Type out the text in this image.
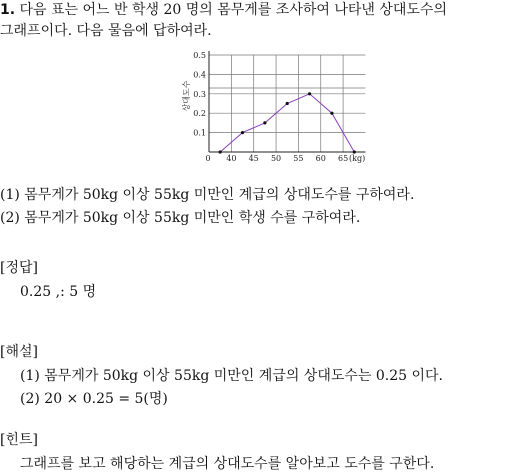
1. 다음 표는 어느 반 학생 20 명의 몸무게를 조사하여 나타낸 상대도수의
그래프이다. 다음 물음에 답하여라.
0.1
0.2
0.3
0.4
0.5
0 40 45 50 55 60 65 (kg)
상대도수
(1) 몸무게가 50kg 이상 55kg 미만인 계급의 상대도수를 구하여라.
(2) 몸무게가 50kg 이상 55kg 미만인 학생 수를 구하여라.
[정답]
0.25 ,: 5 명
[해설]
(1) 몸무게가 50kg 이상 55kg 미만인 계급의 상대도수는 0.25 이다.
(2) 20 × 0.25 = 5(명)
[힌트]
그래프를 보고 해당하는 계급의 상대도수를 알아보고 도수를 구한다.
